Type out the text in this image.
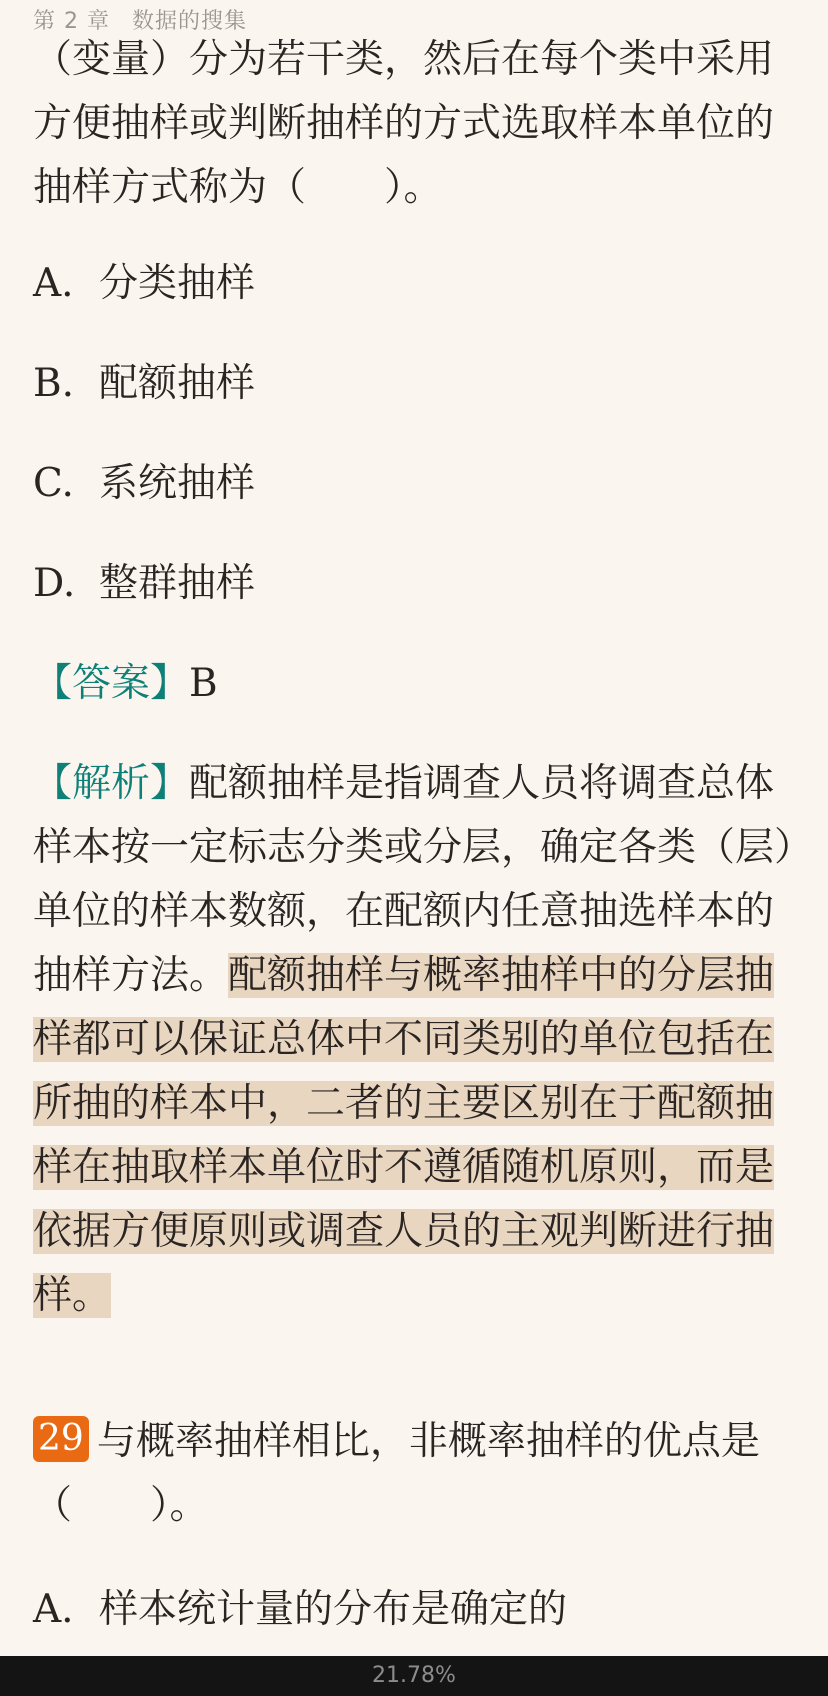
第 2 章 数据的搜集

（变量）分为若干类，然后在每个类中采用方便抽样或判断抽样的方式选取样本单位的抽样方式称为（　　）。

A. 分类抽样
B. 配额抽样
C. 系统抽样
D. 整群抽样
【答案】B

【解析】配额抽样是指调查人员将调查总体样本按一定标志分类或分层，确定各类（层）单位的样本数额，在配额内任意抽选样本的抽样方法。配额抽样与概率抽样中的分层抽样都可以保证总体中不同类别的单位包括在所抽的样本中，二者的主要区别在于配额抽样在抽取样本单位时不遵循随机原则，而是依据方便原则或调查人员的主观判断进行抽样。

29 与概率抽样相比，非概率抽样的优点是（　　）。

A. 样本统计量的分布是确定的
21.78%
